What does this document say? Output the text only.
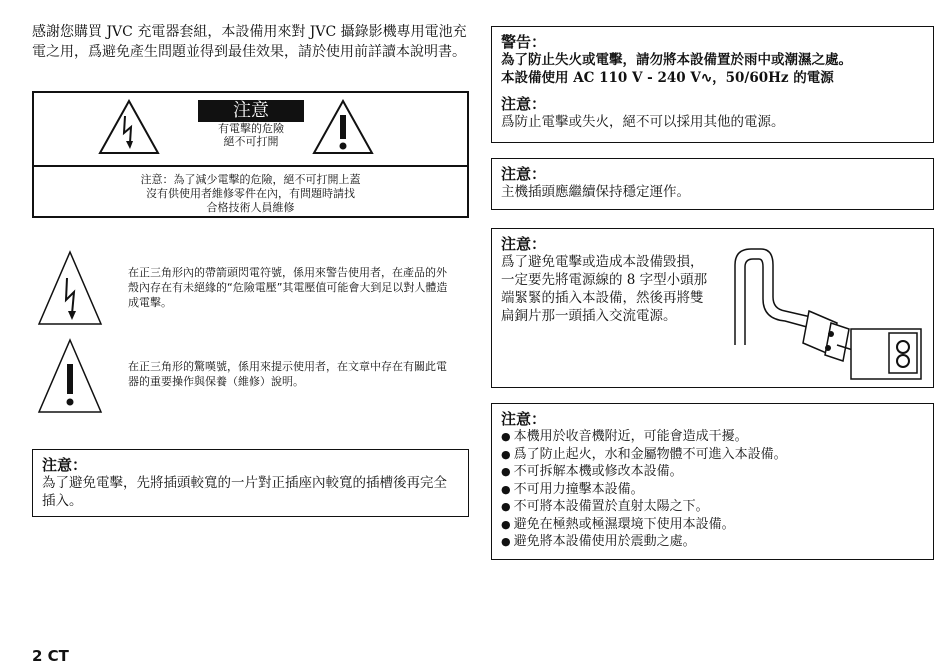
感謝您購買 JVC 充電器套組，本設備用來對 JVC 攝錄影機專用電池充電之用，爲避免產生問題並得到最佳效果，請於使用前詳讀本說明書。
注意
有電擊的危險
絕不可打開
注意：為了減少電擊的危險，絕不可打開上蓋
沒有供使用者維修零件在內，有問題時請找
合格技術人員維修
在正三角形內的帶箭頭閃電符號，係用來警告使用者，在產品的外殼內存在有未絕緣的“危險電壓”其電壓值可能會大到足以對人體造成電擊。
在正三角形的驚嘆號，係用來提示使用者，在文章中存在有關此電器的重要操作與保養（維修）說明。
注意：
為了避免電擊，先將插頭較寬的一片對正插座內較寬的插槽後再完全插入。
警告：
為了防止失火或電擊，請勿將本設備置於雨中或潮濕之處。
本設備使用 AC 110 V - 240 V∿，50/60Hz 的電源
注意：
爲防止電擊或失火，絕不可以採用其他的電源。
注意：
主機插頭應繼續保持穩定運作。
注意：
爲了避免電擊或造成本設備毀損，一定要先將電源線的 8 字型小頭那端緊緊的插入本設備，然後再將雙扁銅片那一頭插入交流電源。
注意：
● 本機用於收音機附近，可能會造成干擾。
● 爲了防止起火，水和金屬物體不可進入本設備。
● 不可拆解本機或修改本設備。
● 不可用力撞擊本設備。
● 不可將本設備置於直射太陽之下。
● 避免在極熱或極濕環境下使用本設備。
● 避免將本設備使用於震動之處。
2 CT
